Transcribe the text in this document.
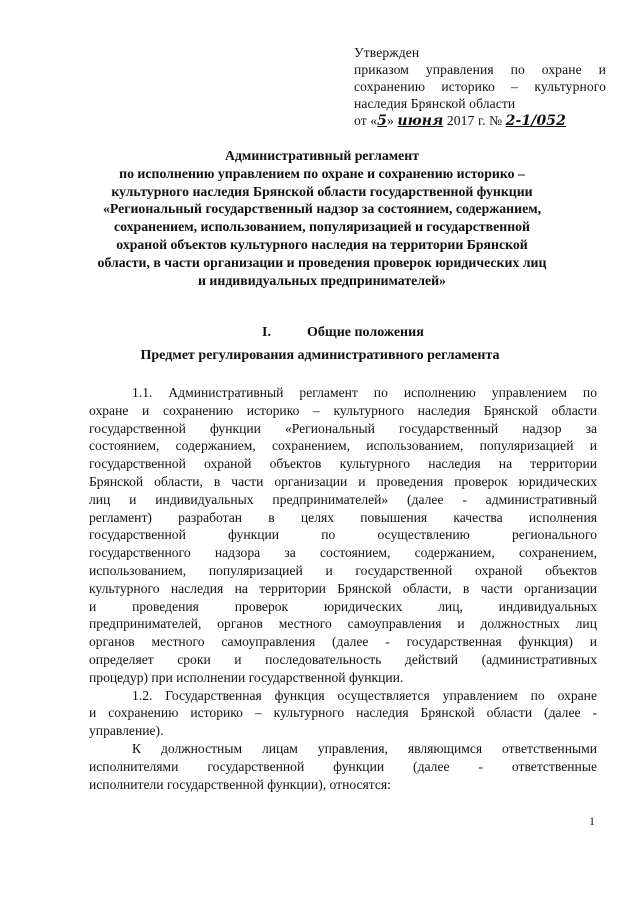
Утвержден
приказом управления по охране и
сохранению историко – культурного
наследия Брянской области
от «5» июня 2017 г. № 2-1/052
Административный регламент
по исполнению управлением по охране и сохранению историко –
культурного наследия Брянской области государственной функции
«Региональный государственный надзор за состоянием, содержанием,
сохранением, использованием, популяризацией и государственной
охраной объектов культурного наследия на территории Брянской
области, в части организации и проведения проверок юридических лиц
и индивидуальных предпринимателей»
I.	Общие положения
Предмет регулирования административного регламента
1.1. Административный регламент по исполнению управлением по
охране и сохранению историко – культурного наследия Брянской области
государственной функции «Региональный государственный надзор за
состоянием, содержанием, сохранением, использованием, популяризацией и
государственной охраной объектов культурного наследия на территории
Брянской области, в части организации и проведения проверок юридических
лиц и индивидуальных предпринимателей» (далее - административный
регламент) разработан в целях повышения качества исполнения
государственной функции по осуществлению регионального
государственного надзора за состоянием, содержанием, сохранением,
использованием, популяризацией и государственной охраной объектов
культурного наследия на территории Брянской области, в части организации
и проведения проверок юридических лиц, индивидуальных
предпринимателей, органов местного самоуправления и должностных лиц
органов местного самоуправления (далее - государственная функция) и
определяет сроки и последовательность действий (административных
процедур) при исполнении государственной функции.
1.2. Государственная функция осуществляется управлением по охране
и сохранению историко – культурного наследия Брянской области (далее -
управление).
К должностным лицам управления, являющимся ответственными
исполнителями государственной функции (далее - ответственные
исполнители государственной функции), относятся:
1
